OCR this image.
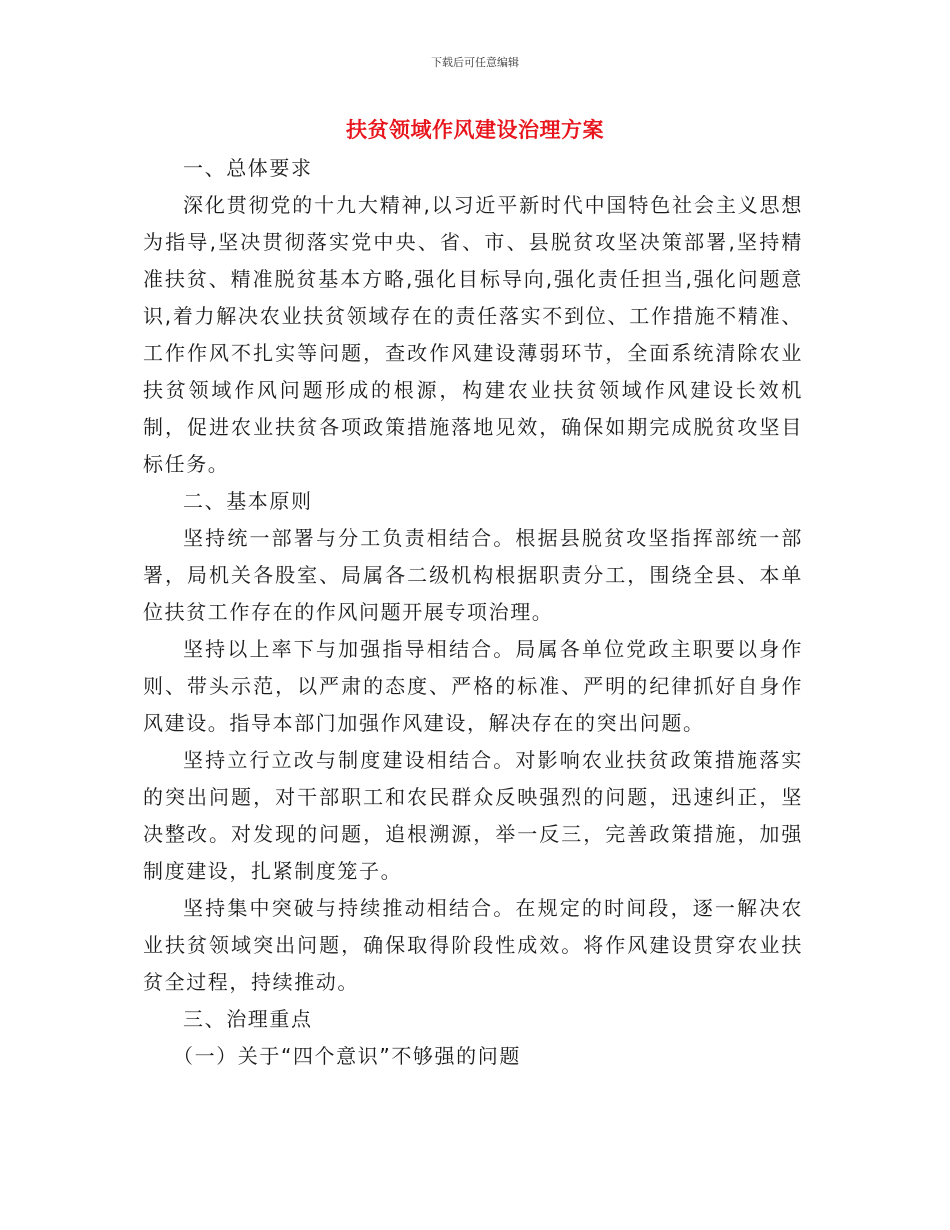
下载后可任意编辑
扶贫领域作风建设治理方案

一、总体要求

深化贯彻党的十九大精神,以习近平新时代中国特色社会主义思想为指导,坚决贯彻落实党中央、省、市、县脱贫攻坚决策部署,坚持精准扶贫、精准脱贫基本方略,强化目标导向,强化责任担当,强化问题意识,着力解决农业扶贫领域存在的责任落实不到位、工作措施不精准、工作作风不扎实等问题，查改作风建设薄弱环节，全面系统清除农业扶贫领域作风问题形成的根源，构建农业扶贫领域作风建设长效机制，促进农业扶贫各项政策措施落地见效，确保如期完成脱贫攻坚目标任务。

二、基本原则

坚持统一部署与分工负责相结合。根据县脱贫攻坚指挥部统一部署，局机关各股室、局属各二级机构根据职责分工，围绕全县、本单位扶贫工作存在的作风问题开展专项治理。

坚持以上率下与加强指导相结合。局属各单位党政主职要以身作则、带头示范，以严肃的态度、严格的标准、严明的纪律抓好自身作风建设。指导本部门加强作风建设，解决存在的突出问题。

坚持立行立改与制度建设相结合。对影响农业扶贫政策措施落实的突出问题，对干部职工和农民群众反映强烈的问题，迅速纠正，坚决整改。对发现的问题，追根溯源，举一反三，完善政策措施，加强制度建设，扎紧制度笼子。

坚持集中突破与持续推动相结合。在规定的时间段，逐一解决农业扶贫领域突出问题，确保取得阶段性成效。将作风建设贯穿农业扶贫全过程，持续推动。

三、治理重点

（一）关于“四个意识”不够强的问题
